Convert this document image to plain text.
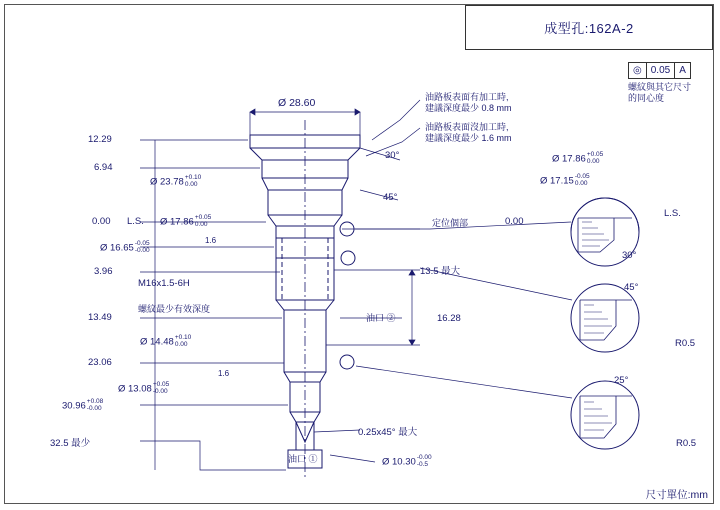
成型孔:162A-2
◎ 0.05 A
螺紋與其它尺寸
的同心度
油路板表面有加工時,
建議深度最少 0.8 mm
油路板表面沒加工時,
建議深度最少 1.6 mm
12.29
6.94
0.00 L.S.
3.96
13.49
23.06
30.96 +0.08
-0.00
32.5 最少
Ø 28.60
Ø 23.78 +0.10
0.00
Ø 17.86 +0.05
0.00
Ø 16.65 -0.05
-0.00
1.6
M16x1.5-6H
螺紋最少有效深度
Ø 14.48 +0.10
0.00
Ø 13.08 +0.05
-0.00
1.6
Ø 10.30 -0.00
-0.5
30°
45°
定位個部	0.00
13.5 最大
16.28
油口 ②
油口 ①
0.25x45° 最大
Ø 17.86 +0.05
0.00
Ø 17.15 -0.05
0.00
L.S.
30°
45°
R0.5
25°
R0.5
尺寸單位:mm
